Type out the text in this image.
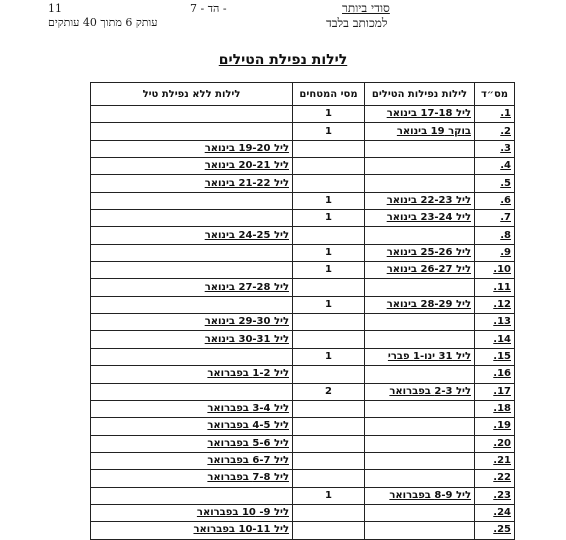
11	הד - 7 -
עותק 6 מתוך 40 עותקים
סודי ביותר
למכותב בלבד
לילות נפילת הטילים
מס״ד	לילות נפילות הטילים	מסי המטחים	לילות ללא נפילת טיל
1.	ליל 17-18 בינואר	1	
2.	בוקר 19 בינואר	1	
3.			ליל 19-20 בינואר
4.			ליל 20-21 בינואר
5.			ליל 21-22 בינואר
6.	ליל 22-23 בינואר	1	
7.	ליל 23-24 בינואר	1	
8.			ליל 24-25 בינואר
9.	ליל 25-26 בינואר	1	
10.	ליל 26-27 בינואר	1	
11.			ליל 27-28 בינואר
12.	ליל 28-29 בינואר	1	
13.			ליל 29-30 בינואר
14.			ליל 30-31 בינואר
15.	ליל 31 ינו-1 פברי	1	
16.			ליל 1-2 בפברואר
17.	ליל 2-3 בפברואר	2	
18.			ליל 3-4 בפברואר
19.			ליל 4-5 בפברואר
20.			ליל 5-6 בפברואר
21.			ליל 6-7 בפברואר
22.			ליל 7-8 בפברואר
23.	ליל 8-9 בפברואר	1	
24.			ליל 9- 10 בפברואר
25.			ליל 10-11 בפברואר
